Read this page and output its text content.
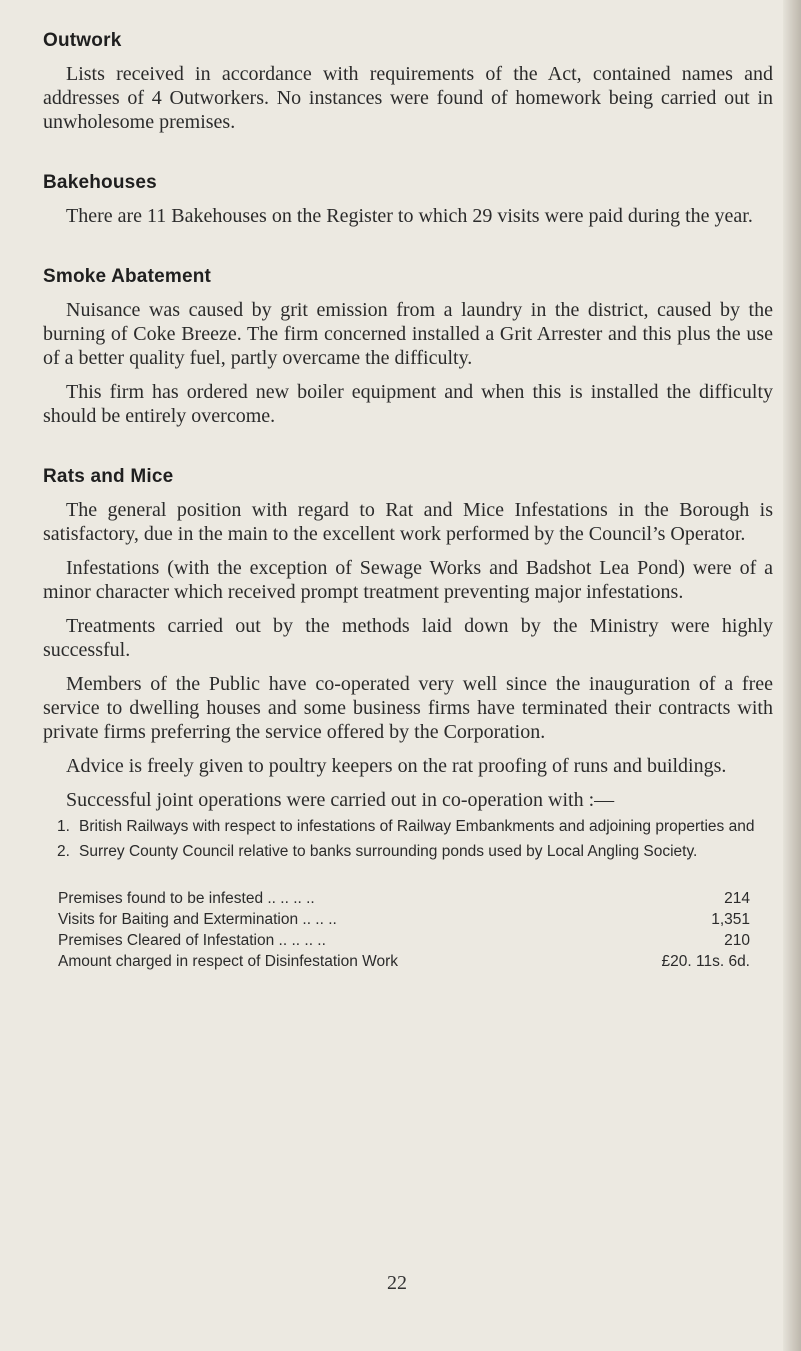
Outwork

Lists received in accordance with requirements of the Act, contained names and addresses of 4 Outworkers. No instances were found of homework being carried out in unwholesome premises.

Bakehouses

There are 11 Bakehouses on the Register to which 29 visits were paid during the year.

Smoke Abatement

Nuisance was caused by grit emission from a laundry in the district, caused by the burning of Coke Breeze. The firm concerned installed a Grit Arrester and this plus the use of a better quality fuel, partly overcame the difficulty.

This firm has ordered new boiler equipment and when this is installed the difficulty should be entirely overcome.

Rats and Mice

The general position with regard to Rat and Mice Infestations in the Borough is satisfactory, due in the main to the excellent work performed by the Council’s Operator.

Infestations (with the exception of Sewage Works and Badshot Lea Pond) were of a minor character which received prompt treatment preventing major infestations.

Treatments carried out by the methods laid down by the Ministry were highly successful.

Members of the Public have co-operated very well since the inauguration of a free service to dwelling houses and some business firms have terminated their contracts with private firms preferring the service offered by the Corporation.

Advice is freely given to poultry keepers on the rat proofing of runs and buildings.

Successful joint operations were carried out in co-operation with :—

1. British Railways with respect to infestations of Railway Embankments and adjoining properties and
2. Surrey County Council relative to banks surrounding ponds used by Local Angling Society.
Premises found to be infested .. .. .. ..	214
Visits for Baiting and Extermination .. .. ..	1,351
Premises Cleared of Infestation .. .. .. ..	210
Amount charged in respect of Disinfestation Work	£20. 11s. 6d.
22
